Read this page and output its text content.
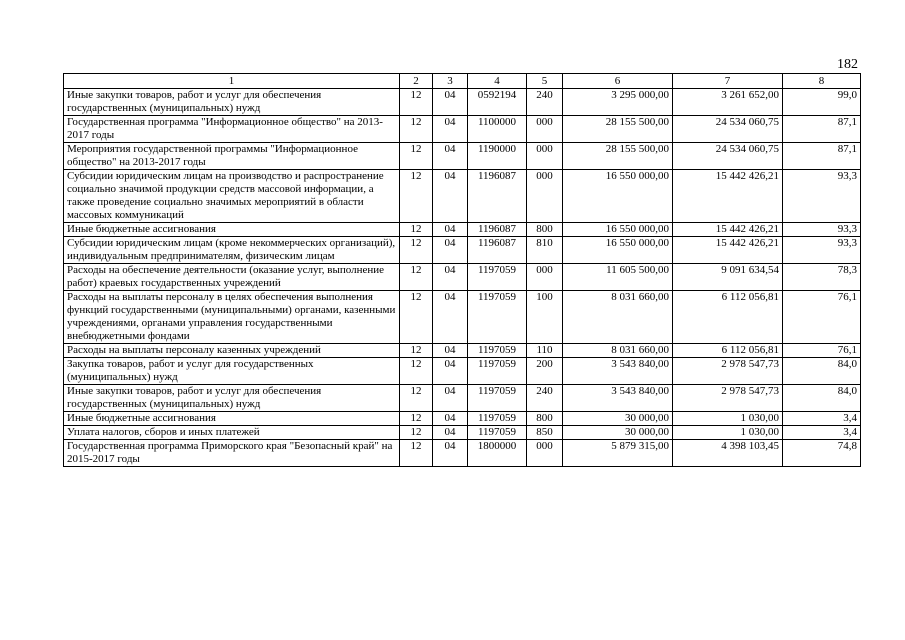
182
1	2	3	4	5	6	7	8
Иные закупки товаров, работ и услуг для обеспечения государственных (муниципальных) нужд	12	04	0592194	240	3 295 000,00	3 261 652,00	99,0
Государственная программа "Информационное общество" на 2013-2017 годы	12	04	1100000	000	28 155 500,00	24 534 060,75	87,1
Мероприятия государственной программы "Информационное общество" на 2013-2017 годы	12	04	1190000	000	28 155 500,00	24 534 060,75	87,1
Субсидии юридическим лицам на производство и распространение социально значимой продукции средств массовой информации, а также проведение социально значимых мероприятий в области массовых коммуникаций	12	04	1196087	000	16 550 000,00	15 442 426,21	93,3
Иные бюджетные ассигнования	12	04	1196087	800	16 550 000,00	15 442 426,21	93,3
Субсидии юридическим лицам (кроме некоммерческих организаций), индивидуальным предпринимателям, физическим лицам	12	04	1196087	810	16 550 000,00	15 442 426,21	93,3
Расходы на обеспечение деятельности (оказание услуг, выполнение работ) краевых государственных учреждений	12	04	1197059	000	11 605 500,00	9 091 634,54	78,3
Расходы на выплаты персоналу в целях обеспечения выполнения функций государственными (муниципальными) органами, казенными учреждениями, органами управления государственными внебюджетными фондами	12	04	1197059	100	8 031 660,00	6 112 056,81	76,1
Расходы на выплаты персоналу казенных учреждений	12	04	1197059	110	8 031 660,00	6 112 056,81	76,1
Закупка товаров, работ и услуг для государственных (муниципальных) нужд	12	04	1197059	200	3 543 840,00	2 978 547,73	84,0
Иные закупки товаров, работ и услуг для обеспечения государственных (муниципальных) нужд	12	04	1197059	240	3 543 840,00	2 978 547,73	84,0
Иные бюджетные ассигнования	12	04	1197059	800	30 000,00	1 030,00	3,4
Уплата налогов, сборов и иных платежей	12	04	1197059	850	30 000,00	1 030,00	3,4
Государственная программа Приморского края "Безопасный край" на 2015-2017 годы	12	04	1800000	000	5 879 315,00	4 398 103,45	74,8
